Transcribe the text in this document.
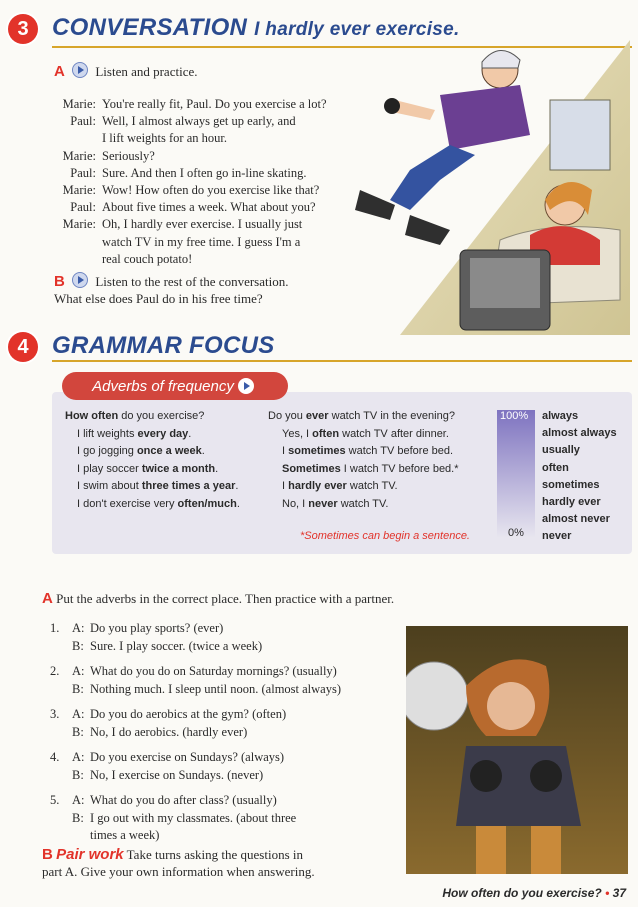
3 CONVERSATION I hardly ever exercise.
A Listen and practice.
Marie: You're really fit, Paul. Do you exercise a lot?
Paul: Well, I almost always get up early, and
I lift weights for an hour.
Marie: Seriously?
Paul: Sure. And then I often go in-line skating.
Marie: Wow! How often do you exercise like that?
Paul: About five times a week. What about you?
Marie: Oh, I hardly ever exercise. I usually just
watch TV in my free time. I guess I'm a
real couch potato!
B Listen to the rest of the conversation.
What else does Paul do in his free time?
4 GRAMMAR FOCUS
Adverbs of frequency
How often do you exercise?
I lift weights every day.
I go jogging once a week.
I play soccer twice a month.
I swim about three times a year.
I don't exercise very often/much.
Do you ever watch TV in the evening?
Yes, I often watch TV after dinner.
I sometimes watch TV before bed.
Sometimes I watch TV before bed.*
I hardly ever watch TV.
No, I never watch TV.
*Sometimes can begin a sentence.
100%
0%
always
almost always
usually
often
sometimes
hardly ever
almost never
never
A Put the adverbs in the correct place. Then practice with a partner.
1.	A: Do you play sports? (ever)
B: Sure. I play soccer. (twice a week)
2.	A: What do you do on Saturday mornings? (usually)
B: Nothing much. I sleep until noon. (almost always)
3.	A: Do you do aerobics at the gym? (often)
B: No, I do aerobics. (hardly ever)
4.	A: Do you exercise on Sundays? (always)
B: No, I exercise on Sundays. (never)
5.	A: What do you do after class? (usually)
B: I go out with my classmates. (about three
times a week)
B Pair work Take turns asking the questions in
part A. Give your own information when answering.
How often do you exercise? • 37
